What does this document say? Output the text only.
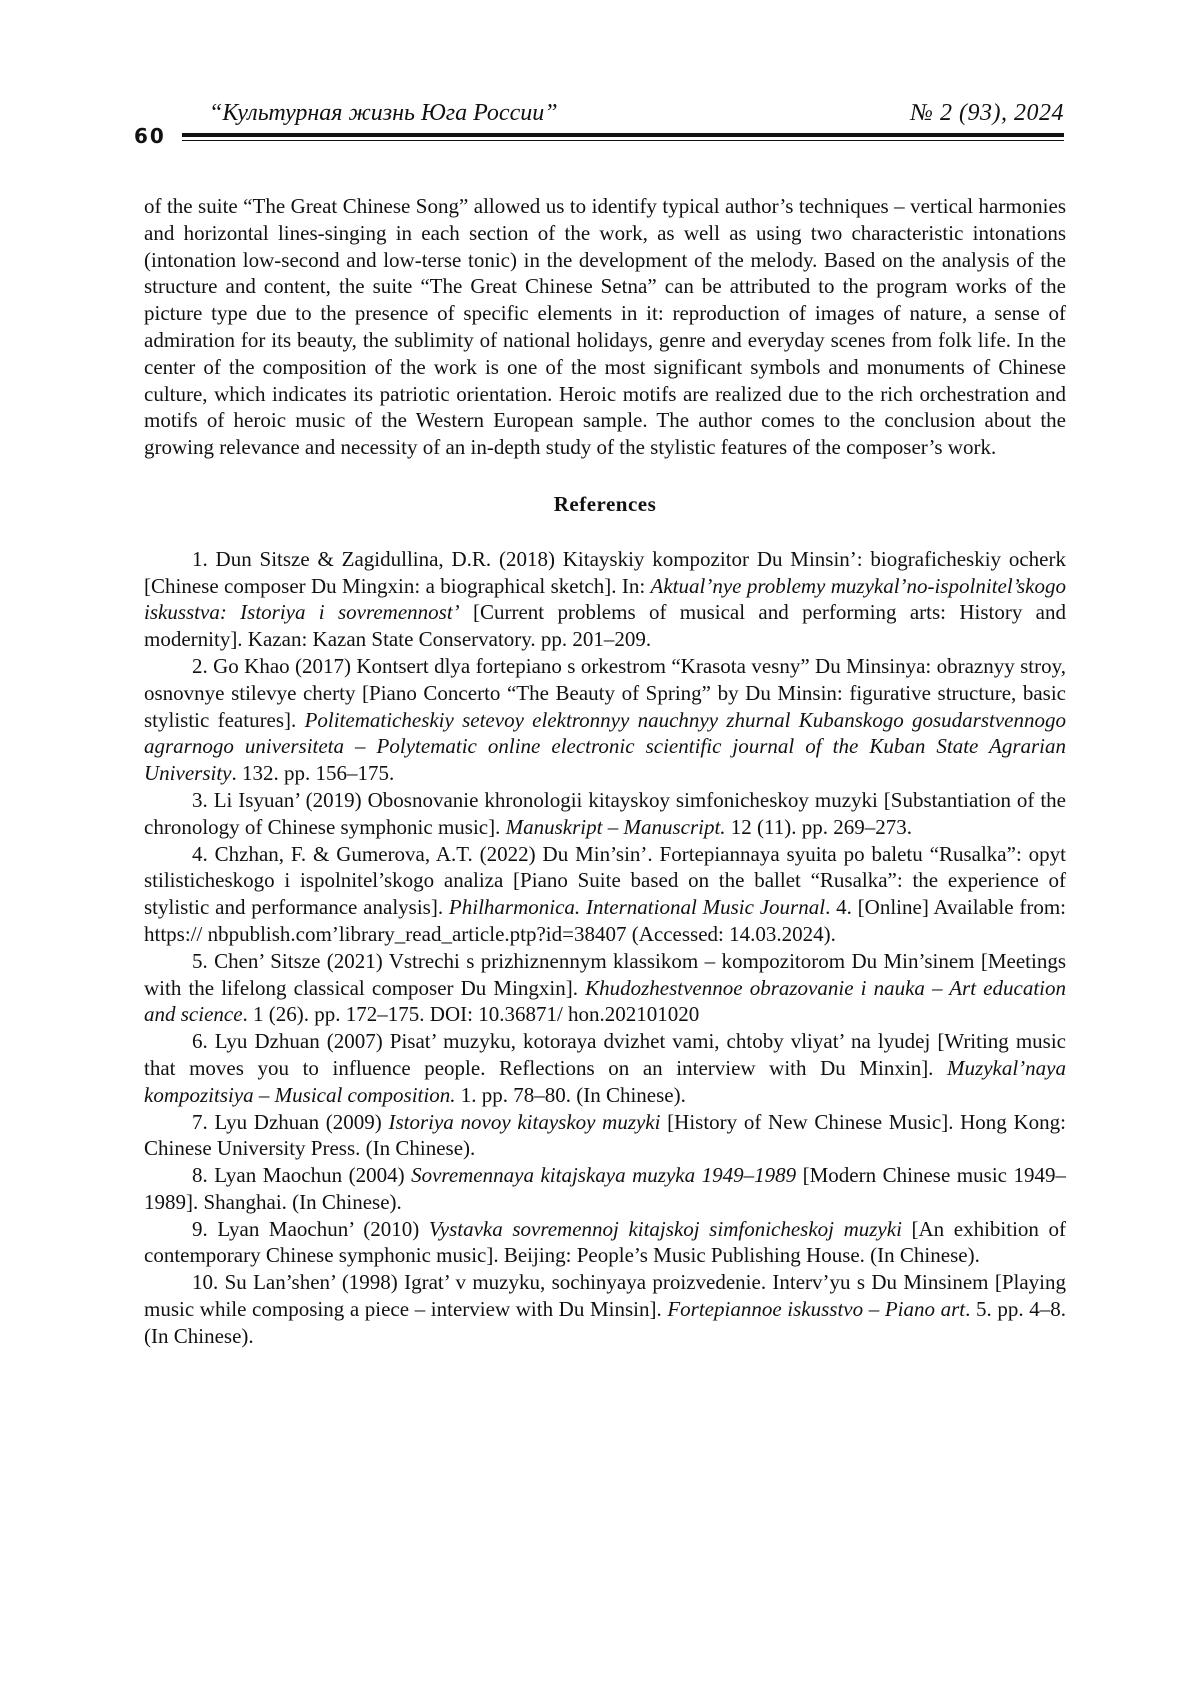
60
“Культурная жизнь Юга России”	№ 2 (93), 2024

of the suite “The Great Chinese Song” allowed us to identify typical author’s techniques – vertical harmonies and horizontal lines-singing in each section of the work, as well as using two characteristic intonations (intonation low-second and low-terse tonic) in the development of the melody. Based on the analysis of the structure and content, the suite “The Great Chinese Setna” can be attributed to the program works of the picture type due to the presence of specific elements in it: reproduction of images of nature, a sense of admiration for its beauty, the sublimity of national holidays, genre and everyday scenes from folk life. In the center of the composition of the work is one of the most significant symbols and monuments of Chinese culture, which indicates its patriotic orientation. Heroic motifs are realized due to the rich orchestration and motifs of heroic music of the Western European sample. The author comes to the conclusion about the growing relevance and necessity of an in-depth study of the stylistic features of the composer’s work.

References

1. Dun Sitsze & Zagidullina, D.R. (2018) Kitayskiy kompozitor Du Minsin’: biograficheskiy ocherk [Chinese composer Du Mingxin: a biographical sketch]. In: Aktual’nye problemy muzykal’no-ispolnitel’skogo iskusstva: Istoriya i sovremennost’ [Current problems of musical and performing arts: History and modernity]. Kazan: Kazan State Conservatory. pp. 201–209.

2. Go Khao (2017) Kontsert dlya fortepiano s orkestrom “Krasota vesny” Du Minsinya: obraznyy stroy, osnovnye stilevye cherty [Piano Concerto “The Beauty of Spring” by Du Minsin: figurative structure, basic stylistic features]. Politematicheskiy setevoy elektronnyy nauchnyy zhurnal Kubanskogo gosudarstvennogo agrarnogo universiteta – Polytematic online electronic scientific journal of the Kuban State Agrarian University. 132. pp. 156–175.

3. Li Isyuan’ (2019) Obosnovanie khronologii kitayskoy simfonicheskoy muzyki [Substantiation of the chronology of Chinese symphonic music]. Manuskript – Manuscript. 12 (11). pp. 269–273.

4. Chzhan, F. & Gumerova, A.T. (2022) Du Min’sin’. Fortepiannaya syuita po baletu “Rusalka”: opyt stilisticheskogo i ispolnitel’skogo analiza [Piano Suite based on the ballet “Rusalka”: the experience of stylistic and performance analysis]. Philharmonica. International Music Journal. 4. [Online] Available from: https:// nbpublish.com’library_read_article.ptp?id=38407 (Accessed: 14.03.2024).

5. Chen’ Sitsze (2021) Vstrechi s prizhiznennym klassikom – kompozitorom Du Min’sinem [Meetings with the lifelong classical composer Du Mingxin]. Khudozhestvennoe obrazovanie i nauka – Art education and science. 1 (26). pp. 172–175. DOI: 10.36871/ hon.202101020

6. Lyu Dzhuan (2007) Pisat’ muzyku, kotoraya dvizhet vami, chtoby vliyat’ na lyudej [Writing music that moves you to influence people. Reflections on an interview with Du Minxin]. Muzykal’naya kompozitsiya – Musical composition. 1. pp. 78–80. (In Chinese).

7. Lyu Dzhuan (2009) Istoriya novoy kitayskoy muzyki [History of New Chinese Music]. Hong Kong: Chinese University Press. (In Chinese).

8. Lyan Maochun (2004) Sovremennaya kitajskaya muzyka 1949–1989 [Modern Chinese music 1949–1989]. Shanghai. (In Chinese).

9. Lyan Maochun’ (2010) Vystavka sovremennoj kitajskoj simfonicheskoj muzyki [An exhibition of contemporary Chinese symphonic music]. Beijing: People’s Music Publishing House. (In Chinese).

10. Su Lan’shen’ (1998) Igrat’ v muzyku, sochinyaya proizvedenie. Interv’yu s Du Minsinem [Playing music while composing a piece – interview with Du Minsin]. Fortepiannoe iskusstvo – Piano art. 5. pp. 4–8. (In Chinese).
